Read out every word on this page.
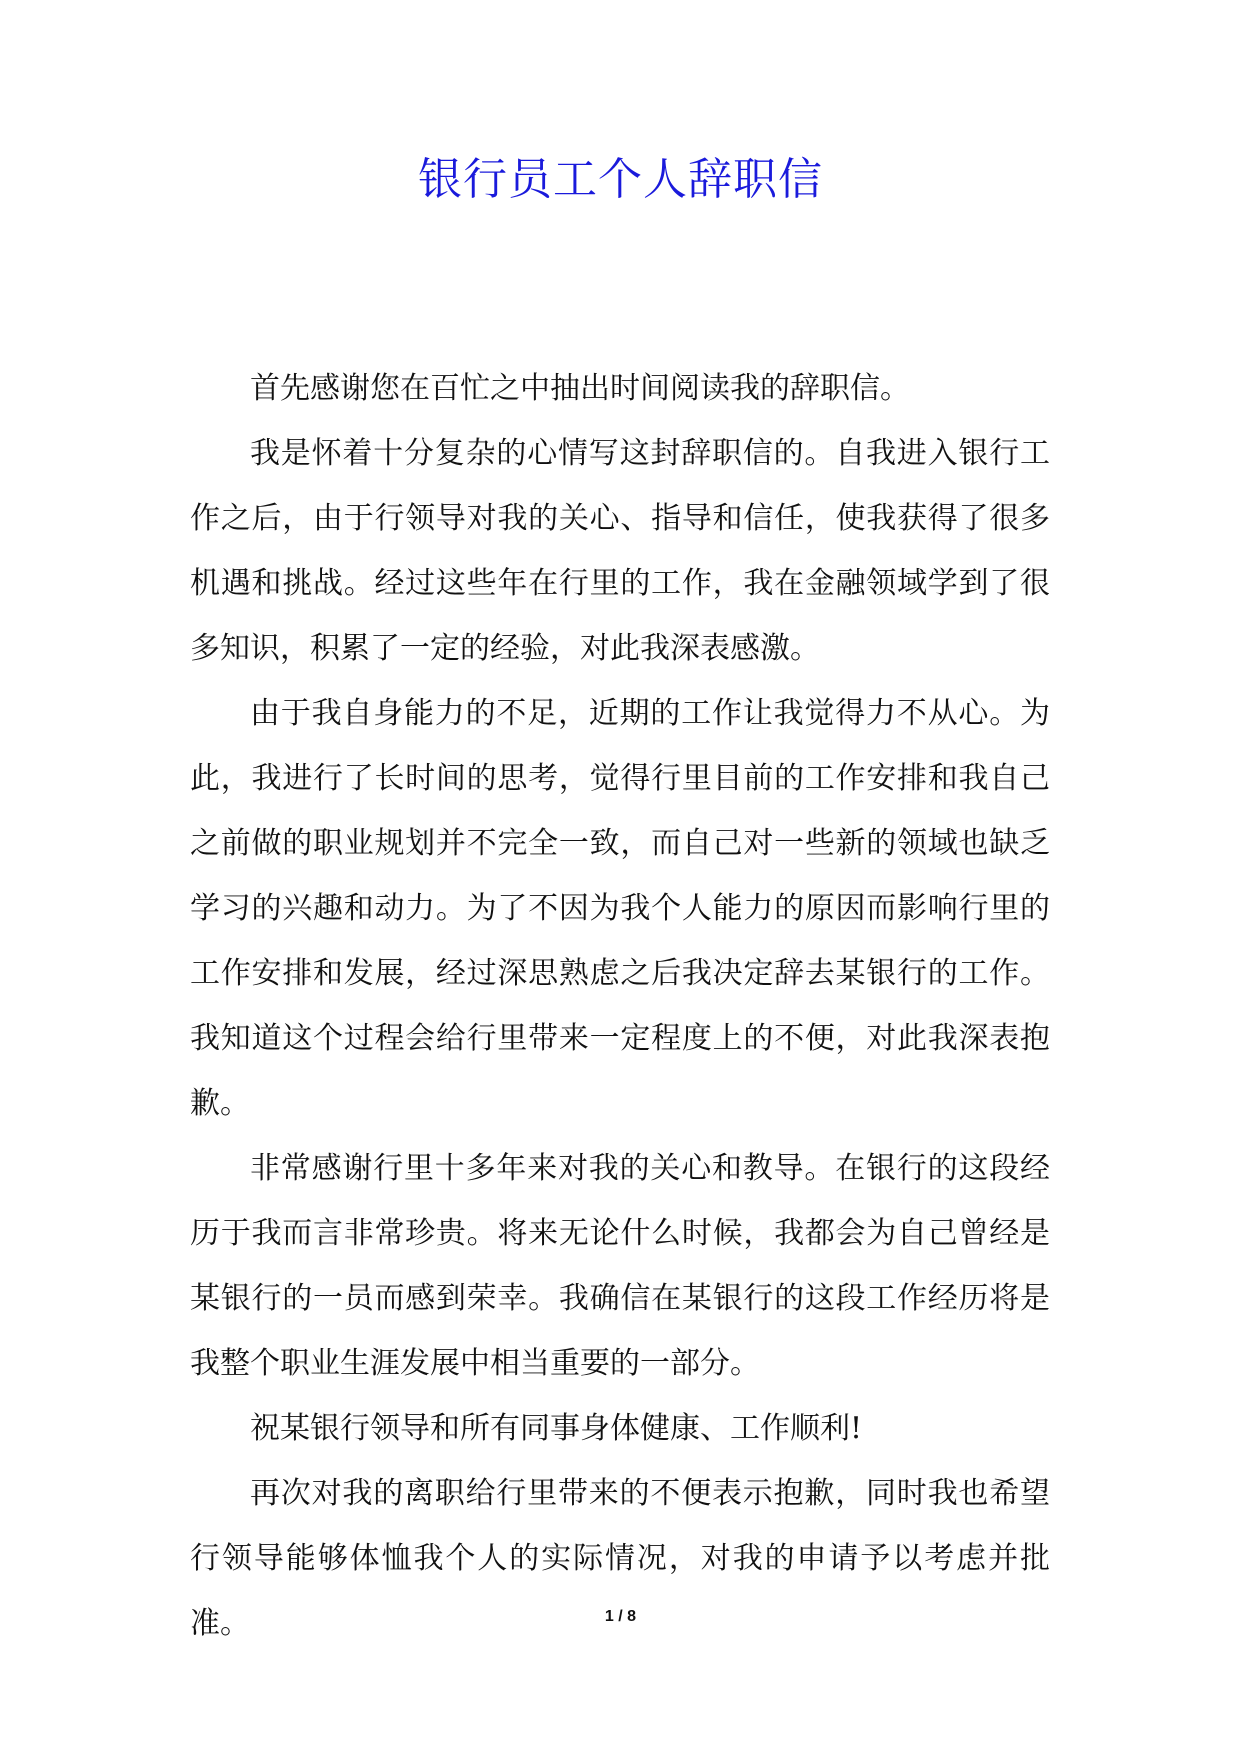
银行员工个人辞职信

首先感谢您在百忙之中抽出时间阅读我的辞职信。

我是怀着十分复杂的心情写这封辞职信的。自我进入银行工作之后，由于行领导对我的关心、指导和信任，使我获得了很多机遇和挑战。经过这些年在行里的工作，我在金融领域学到了很多知识，积累了一定的经验，对此我深表感激。

由于我自身能力的不足，近期的工作让我觉得力不从心。为此，我进行了长时间的思考，觉得行里目前的工作安排和我自己之前做的职业规划并不完全一致，而自己对一些新的领域也缺乏学习的兴趣和动力。为了不因为我个人能力的原因而影响行里的工作安排和发展，经过深思熟虑之后我决定辞去某银行的工作。我知道这个过程会给行里带来一定程度上的不便，对此我深表抱歉。

非常感谢行里十多年来对我的关心和教导。在银行的这段经历于我而言非常珍贵。将来无论什么时候，我都会为自己曾经是某银行的一员而感到荣幸。我确信在某银行的这段工作经历将是我整个职业生涯发展中相当重要的一部分。

祝某银行领导和所有同事身体健康、工作顺利!

再次对我的离职给行里带来的不便表示抱歉，同时我也希望行领导能够体恤我个人的实际情况，对我的申请予以考虑并批准。	1 / 8
